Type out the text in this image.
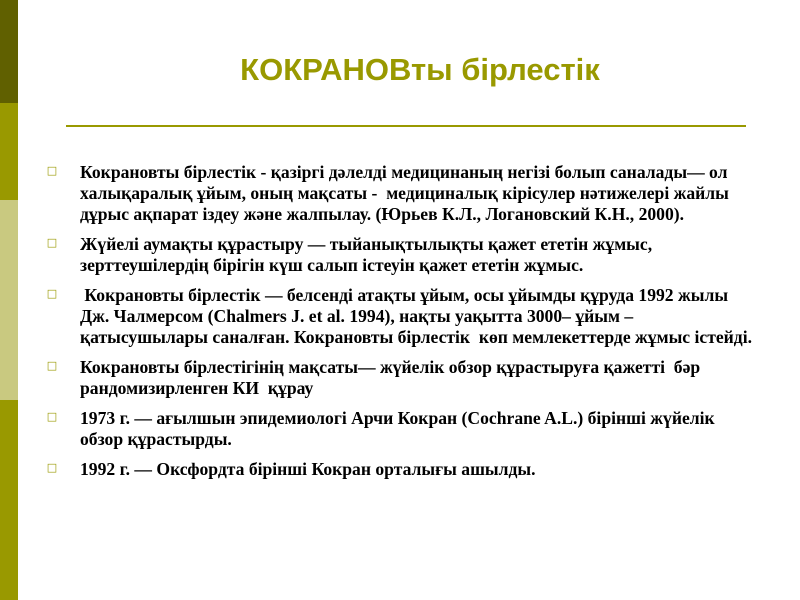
КОКРАНОВты бірлестік
□ Кокрановты бірлестік - қазіргі дәлелді медицинаның негізі болып саналады— ол халықаралық ұйым, оның мақсаты -  медициналық кірісулер нәтижелері жайлы дұрыс ақпарат іздеу және жалпылау. (Юрьев К.Л., Логановский К.Н., 2000).
□ Жүйелі аумақты құрастыру — тыйанықтылықты қажет ететін жұмыс, зерттеушілердің бірігін күш салып істеуін қажет ететін жұмыс.
□ Кокрановты бірлестік — белсенді атақты ұйым, осы ұйымды құруда 1992 жылы Дж. Чалмерсом (Chalmers J. et al. 1994), нақты уақытта 3000– ұйым – қатысушылары саналған. Кокрановты бірлестік  көп мемлекеттерде жұмыс істейді.
□ Кокрановты бірлестігінің мақсаты— жүйелік обзор құрастыруға қажетті  бәр рандомизирленген КИ  құрау
□ 1973 г. — ағылшын эпидемиологі Арчи Кокран (Cochrane A.L.) бірінші жүйелік обзор құрастырды.
□ 1992 г. — Оксфордта бірінші Кокран орталығы ашылды.
